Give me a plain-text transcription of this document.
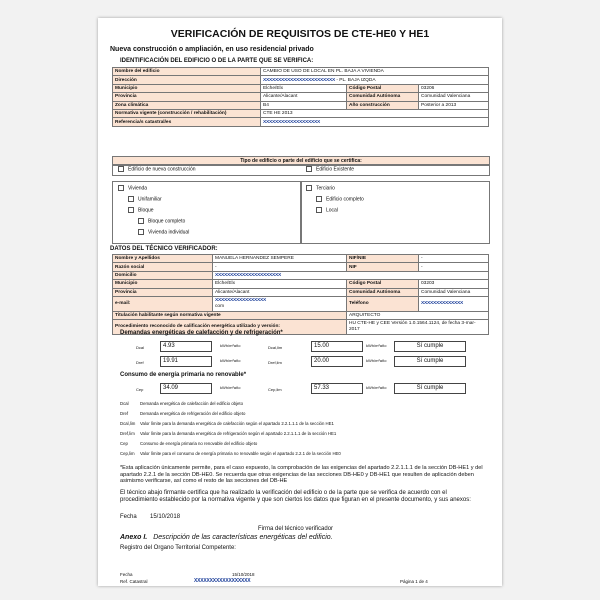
VERIFICACIÓN DE REQUISITOS DE CTE-HE0 Y HE1
Nueva construcción o ampliación, en uso residencial privado
IDENTIFICACIÓN DEL EDIFICIO O DE LA PARTE QUE SE VERIFICA:
Nombre del edificio	CAMBIO DE USO DE LOCAL EN PL. BAJA A VIVIENDA		
Dirección	XXXXXXXXXXXXXXXXXXXXXXXX - PL. BAJA IZQDA		
Municipio	Elche/Elx	Código Postal	03206
Provincia	Alicante/Alacant	Comunidad Autónoma	Comunidad Valenciana
Zona climática	B4	Año construcción	Posterior a 2013
Normativa vigente (construcción / rehabilitación)	CTE HE 2013		
Referencia/s catastral/es	XXXXXXXXXXXXXXXXXXX		
Tipo de edificio o parte del edificio que se certifica:
Edificio de nueva construcción	Edificio Existente
Vivienda
Unifamiliar
Bloque
Bloque completo
Vivienda individual
Terciario
Edificio completo
Local
DATOS DEL TÉCNICO VERIFICADOR:
Nombre y Apellidos	MANUELA HERNANDEZ SEMPERE	NIF/NIE	-
Razón social	-	NIF	-
Domicilio	XXXXXXXXXXXXXXXXXXXXXX		
Municipio	Elche/Elx	Código Postal	03203
Provincia	Alicante/Alacant	Comunidad Autónoma	Comunidad Valenciana
e-mail:	XXXXXXXXXXXXXXXXX
com	Teléfono	XXXXXXXXXXXXXX
Titulación habilitante según normativa vigente		ARQUITECTO	
Procedimiento reconocido de calificación energética utilizado y versión:		HU CTE-HE y CEE Versión 1.0.1564.1124, de fecha 3-mar-2017	
Demandas energéticas de calefacción y de refrigeración*
Dcal	4.93	kWh/m²año	Dcal,lim	15.00	kWh/m²año	Sí cumple
Dref	19.91	kWh/m²año	Dref,lim	20.00	kWh/m²año	Sí cumple
Consumo de energía primaria no renovable*
Cep	34.09	kWh/m²año	Cep,lim	57.33	kWh/m²año	Sí cumple
Dcal	Demanda energética de calefacción del edificio objeto
Dref	Demanda energética de refrigeración del edificio objeto
Dcal,lim Valor límite para la demanda energética de calefacción según el apartado 2.2.1.1.1 de la sección HE1
Dref,lim Valor límite para la demanda energética de refrigeración según el apartado 2.2.1.1.1 de la sección HE1
Cep	Consumo de energía primaria no renovable del edificio objeto
Cep,lim Valor límite para el consumo de energía primaria no renovable según el apartado 2.2.1 de la sección HE0
*Esta aplicación únicamente permite, para el caso expuesto, la comprobación de las exigencias del apartado 2.2.1.1.1 de la sección DB-HE1 y del apartado 2.2.1 de la sección DB-HE0. Se recuerda que otras exigencias de las secciones DB-HE0 y DB-HE1 que resulten de aplicación deben asimismo verificarse, así como el resto de las secciones del DB-HE
El técnico abajo firmante certifica que ha realizado la verificación del edificio o de la parte que se verifica de acuerdo con el procedimiento establecido por la normativa vigente y que son ciertos los datos que figuran en el presente documento, y sus anexos:
Fecha 15/10/2018
Firma del técnico verificador
Anexo I. Descripción de las características energéticas del edificio.
Registro del Organo Territorial Competente:
Fecha	15/10/2018
Ref. Catastral	XXXXXXXXXXXXXXXXXX	Página 1 de 4
